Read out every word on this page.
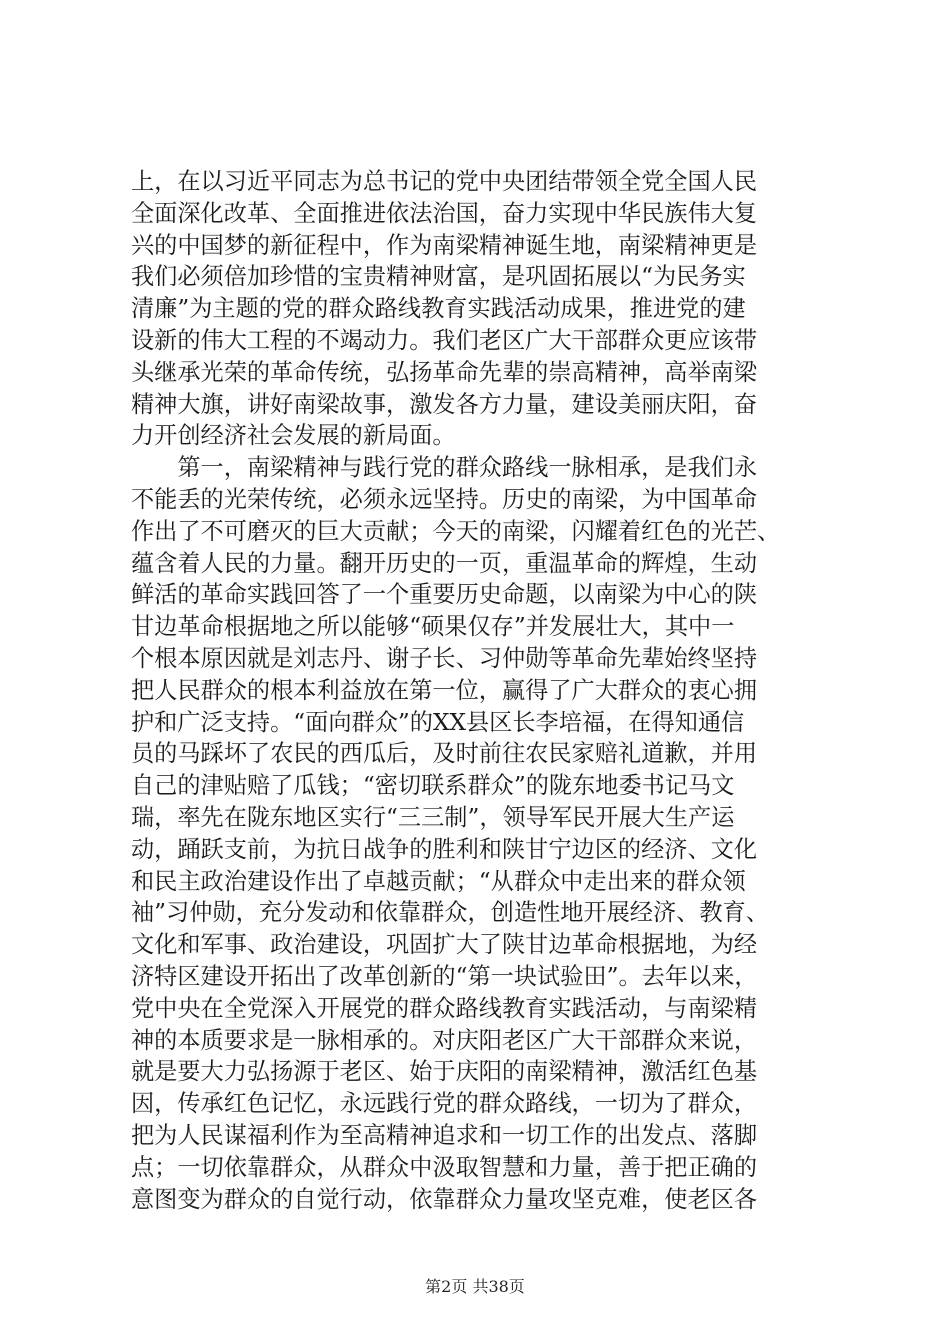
上，在以习近平同志为总书记的党中央团结带领全党全国人民
全面深化改革、全面推进依法治国，奋力实现中华民族伟大复
兴的中国梦的新征程中，作为南梁精神诞生地，南梁精神更是
我们必须倍加珍惜的宝贵精神财富，是巩固拓展以“为民务实
清廉”为主题的党的群众路线教育实践活动成果，推进党的建
设新的伟大工程的不竭动力。我们老区广大干部群众更应该带
头继承光荣的革命传统，弘扬革命先辈的崇高精神，高举南梁
精神大旗，讲好南梁故事，激发各方力量，建设美丽庆阳，奋
力开创经济社会发展的新局面。
　　第一，南梁精神与践行党的群众路线一脉相承，是我们永
不能丢的光荣传统，必须永远坚持。历史的南梁，为中国革命
作出了不可磨灭的巨大贡献；今天的南梁，闪耀着红色的光芒、
蕴含着人民的力量。翻开历史的一页，重温革命的辉煌，生动
鲜活的革命实践回答了一个重要历史命题，以南梁为中心的陕
甘边革命根据地之所以能够“硕果仅存”并发展壮大，其中一
个根本原因就是刘志丹、谢子长、习仲勋等革命先辈始终坚持
把人民群众的根本利益放在第一位，赢得了广大群众的衷心拥
护和广泛支持。“面向群众”的XX县区长李培福，在得知通信
员的马踩坏了农民的西瓜后，及时前往农民家赔礼道歉，并用
自己的津贴赔了瓜钱；“密切联系群众”的陇东地委书记马文
瑞，率先在陇东地区实行“三三制”，领导军民开展大生产运
动，踊跃支前，为抗日战争的胜利和陕甘宁边区的经济、文化
和民主政治建设作出了卓越贡献；“从群众中走出来的群众领
袖”习仲勋，充分发动和依靠群众，创造性地开展经济、教育、
文化和军事、政治建设，巩固扩大了陕甘边革命根据地，为经
济特区建设开拓出了改革创新的“第一块试验田”。去年以来，
党中央在全党深入开展党的群众路线教育实践活动，与南梁精
神的本质要求是一脉相承的。对庆阳老区广大干部群众来说，
就是要大力弘扬源于老区、始于庆阳的南梁精神，激活红色基
因，传承红色记忆，永远践行党的群众路线，一切为了群众，
把为人民谋福利作为至高精神追求和一切工作的出发点、落脚
点；一切依靠群众，从群众中汲取智慧和力量，善于把正确的
意图变为群众的自觉行动，依靠群众力量攻坚克难，使老区各
第2页 共38页
